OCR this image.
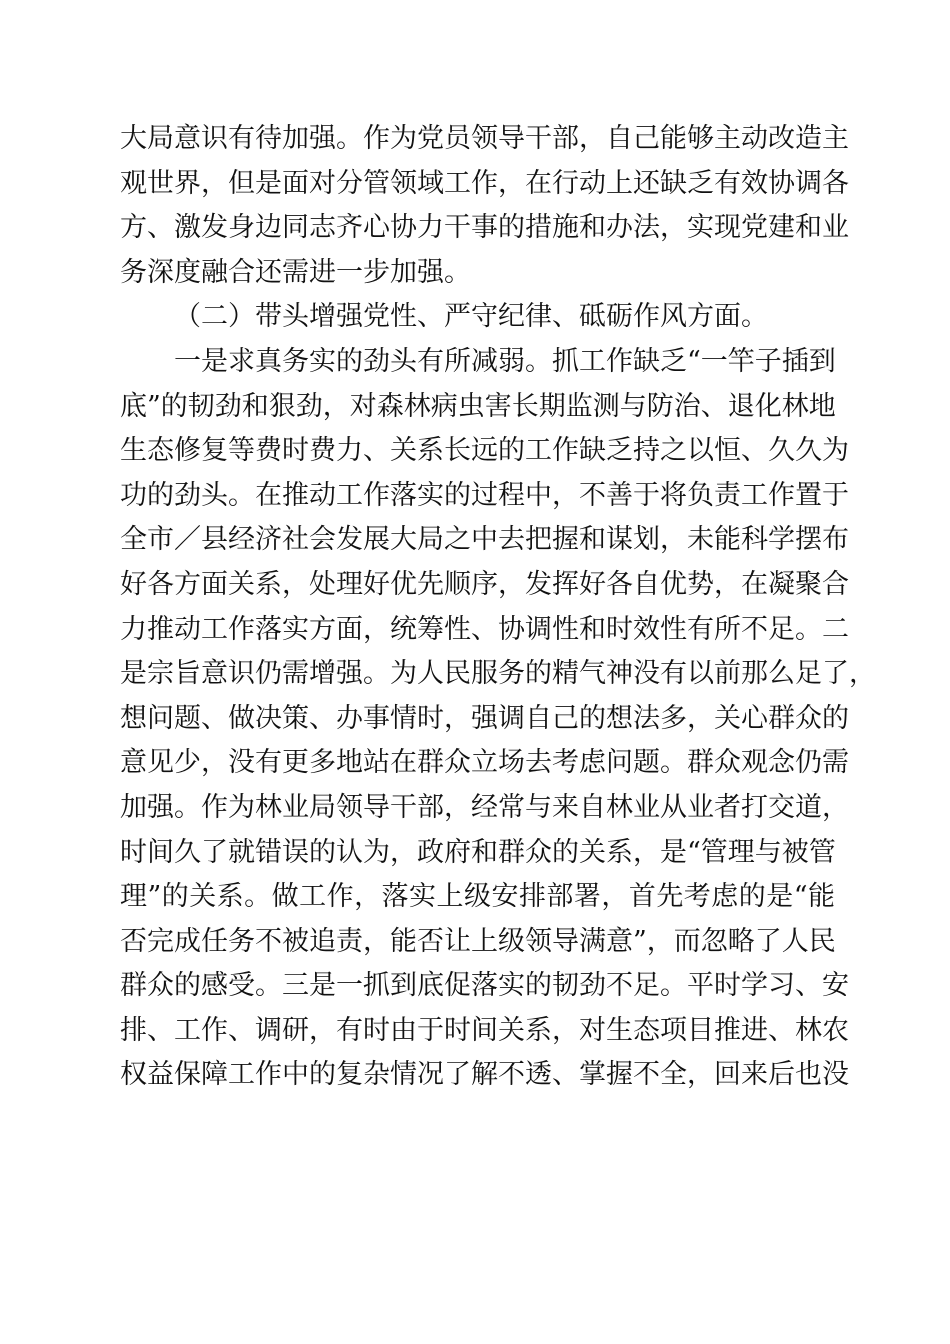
大局意识有待加强。作为党员领导干部，自己能够主动改造主
观世界，但是面对分管领域工作，在行动上还缺乏有效协调各
方、激发身边同志齐心协力干事的措施和办法，实现党建和业
务深度融合还需进一步加强。
（二）带头增强党性、严守纪律、砥砺作风方面。
一是求真务实的劲头有所减弱。抓工作缺乏“一竿子插到
底”的韧劲和狠劲，对森林病虫害长期监测与防治、退化林地
生态修复等费时费力、关系长远的工作缺乏持之以恒、久久为
功的劲头。在推动工作落实的过程中，不善于将负责工作置于
全市／县经济社会发展大局之中去把握和谋划，未能科学摆布
好各方面关系，处理好优先顺序，发挥好各自优势，在凝聚合
力推动工作落实方面，统筹性、协调性和时效性有所不足。二
是宗旨意识仍需增强。为人民服务的精气神没有以前那么足了，
想问题、做决策、办事情时，强调自己的想法多，关心群众的
意见少，没有更多地站在群众立场去考虑问题。群众观念仍需
加强。作为林业局领导干部，经常与来自林业从业者打交道，
时间久了就错误的认为，政府和群众的关系，是“管理与被管
理”的关系。做工作，落实上级安排部署，首先考虑的是“能
否完成任务不被追责，能否让上级领导满意”，而忽略了人民
群众的感受。三是一抓到底促落实的韧劲不足。平时学习、安
排、工作、调研，有时由于时间关系，对生态项目推进、林农
权益保障工作中的复杂情况了解不透、掌握不全，回来后也没
